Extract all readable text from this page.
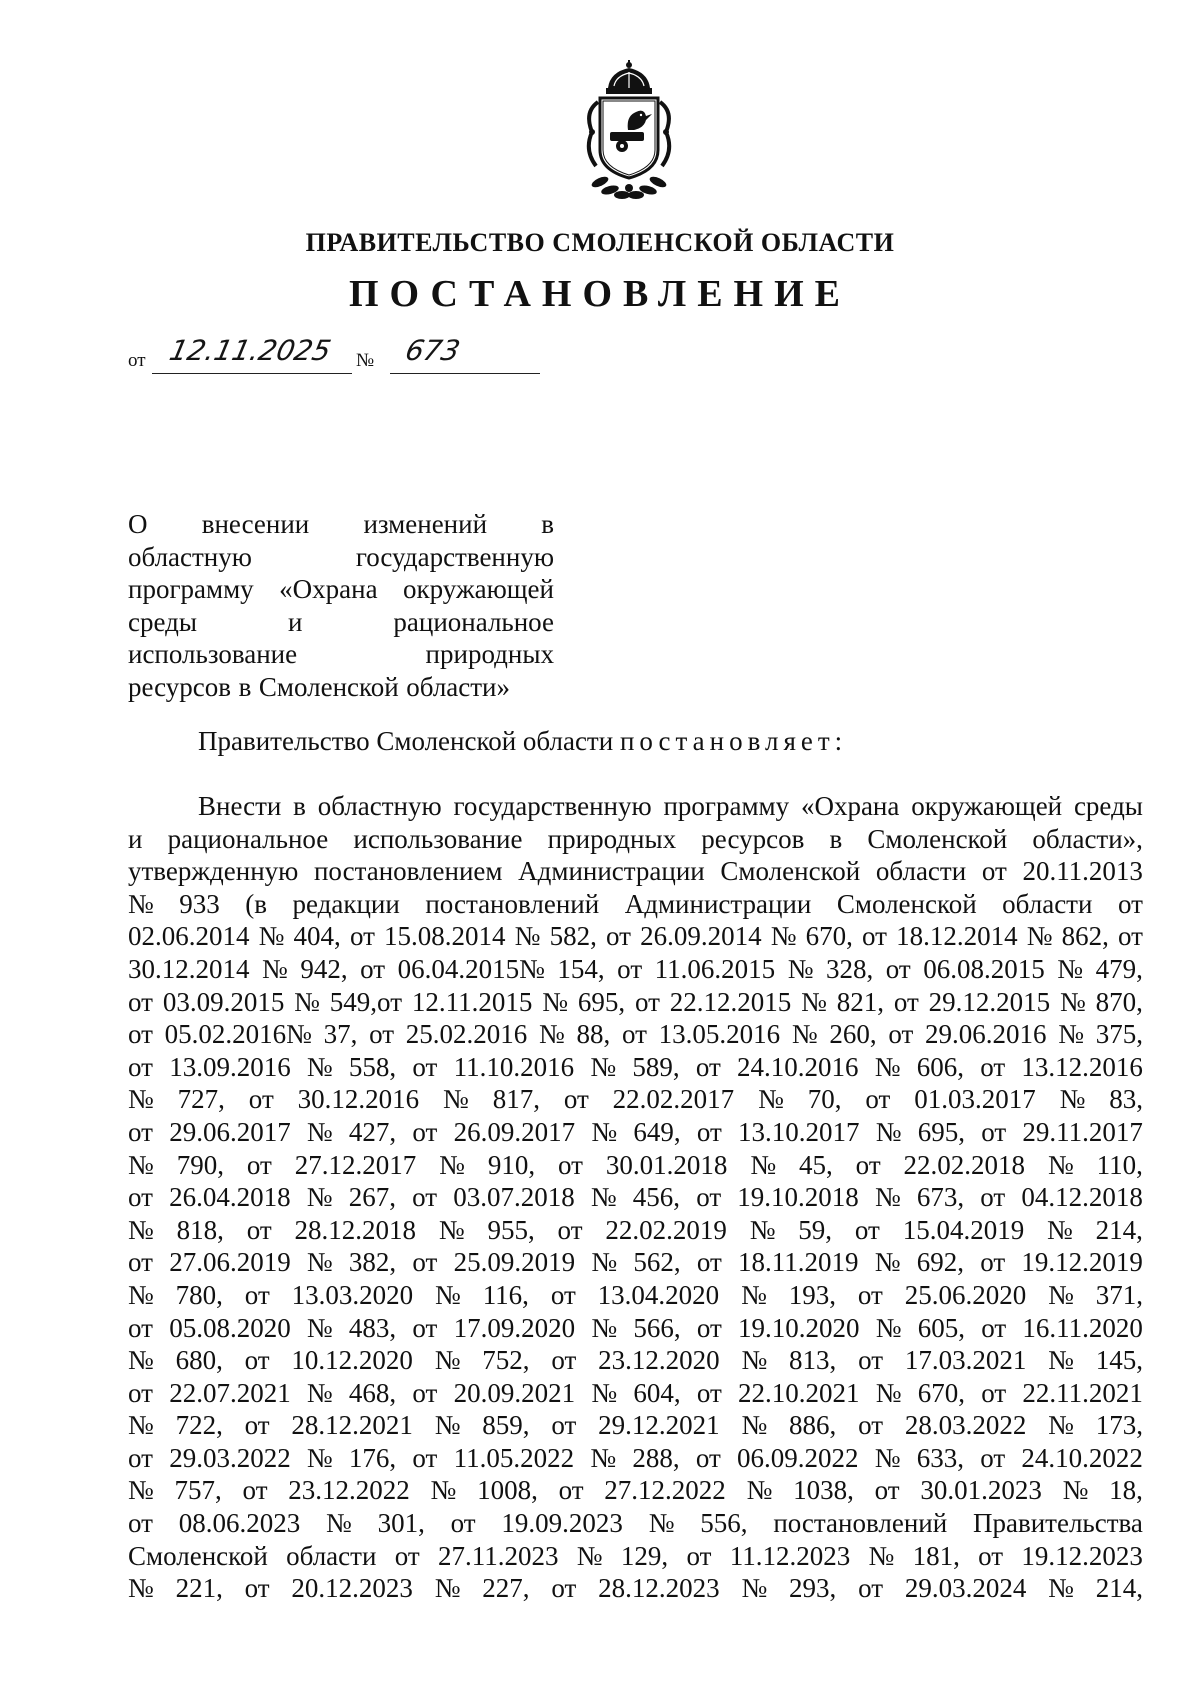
ПРАВИТЕЛЬСТВО СМОЛЕНСКОЙ ОБЛАСТИ
ПОСТАНОВЛЕНИЕ
от 12.11.2025 № 673
О внесении изменений в
областную	государственную
программу «Охрана окружающей
среды	и	рациональное
использование	природных
ресурсов в Смоленской области»
Правительство Смоленской области постановляет:
Внести в областную государственную программу «Охрана окружающей среды
и рациональное использование природных ресурсов в Смоленской области»,
утвержденную постановлением Администрации Смоленской области от 20.11.2013
№ 933 (в редакции постановлений Администрации Смоленской области от
02.06.2014 № 404, от 15.08.2014 № 582, от 26.09.2014 № 670, от 18.12.2014 № 862, от
30.12.2014 № 942, от 06.04.2015№ 154, от 11.06.2015 № 328, от 06.08.2015 № 479,
от 03.09.2015 № 549,от 12.11.2015 № 695, от 22.12.2015 № 821, от 29.12.2015 № 870,
от 05.02.2016№ 37, от 25.02.2016 № 88, от 13.05.2016 № 260, от 29.06.2016 № 375,
от 13.09.2016 № 558, от 11.10.2016 № 589, от 24.10.2016 № 606, от 13.12.2016
№ 727, от 30.12.2016 № 817, от 22.02.2017 № 70, от 01.03.2017 № 83,
от 29.06.2017 № 427, от 26.09.2017 № 649, от 13.10.2017 № 695, от 29.11.2017
№ 790, от 27.12.2017 № 910, от 30.01.2018 № 45, от 22.02.2018 № 110,
от 26.04.2018 № 267, от 03.07.2018 № 456, от 19.10.2018 № 673, от 04.12.2018
№ 818, от 28.12.2018 № 955, от 22.02.2019 № 59, от 15.04.2019 № 214,
от 27.06.2019 № 382, от 25.09.2019 № 562, от 18.11.2019 № 692, от 19.12.2019
№ 780, от 13.03.2020 № 116, от 13.04.2020 № 193, от 25.06.2020 № 371,
от 05.08.2020 № 483, от 17.09.2020 № 566, от 19.10.2020 № 605, от 16.11.2020
№ 680, от 10.12.2020 № 752, от 23.12.2020 № 813, от 17.03.2021 № 145,
от 22.07.2021 № 468, от 20.09.2021 № 604, от 22.10.2021 № 670, от 22.11.2021
№ 722, от 28.12.2021 № 859, от 29.12.2021 № 886, от 28.03.2022 № 173,
от 29.03.2022 № 176, от 11.05.2022 № 288, от 06.09.2022 № 633, от 24.10.2022
№ 757, от 23.12.2022 № 1008, от 27.12.2022 № 1038, от 30.01.2023 № 18,
от 08.06.2023 № 301, от 19.09.2023 № 556, постановлений Правительства
Смоленской области от 27.11.2023 № 129, от 11.12.2023 № 181, от 19.12.2023
№ 221, от 20.12.2023 № 227, от 28.12.2023 № 293, от 29.03.2024 № 214,
